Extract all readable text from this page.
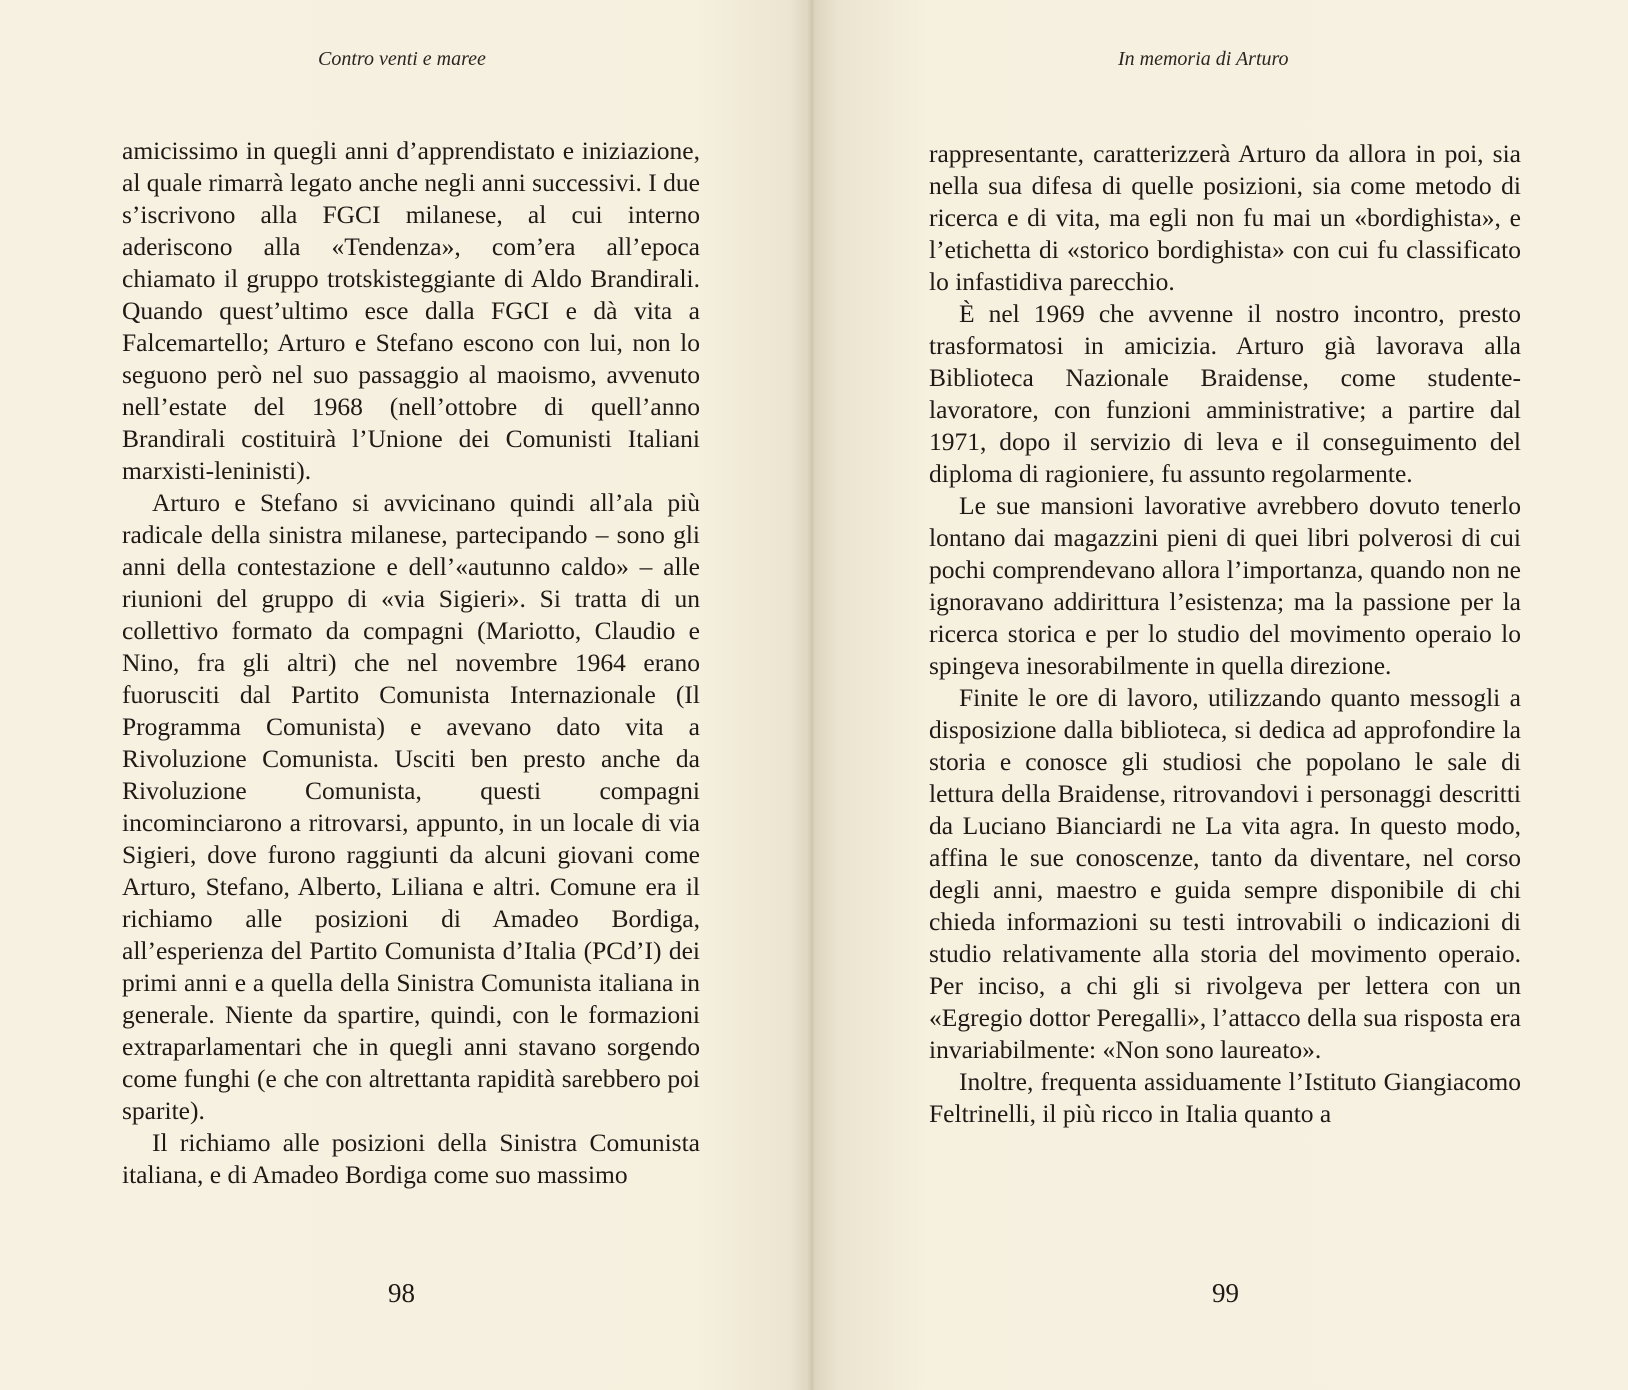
Contro venti e maree

amicissimo in quegli anni d’apprendistato e iniziazione, al quale rimarrà legato anche negli anni successivi. I due s’iscrivono alla FGCI milanese, al cui interno aderiscono alla «Tendenza», com’era all’epoca chiamato il gruppo trotskisteggiante di Aldo Brandirali. Quando quest’ultimo esce dalla FGCI e dà vita a Falcemartello; Arturo e Stefano escono con lui, non lo seguono però nel suo passaggio al maoismo, avvenuto nell’estate del 1968 (nell’ottobre di quell’anno Brandirali costituirà l’Unione dei Comunisti Italiani marxisti-leninisti).

Arturo e Stefano si avvicinano quindi all’ala più radicale della sinistra milanese, partecipando – sono gli anni della contestazione e dell’«autunno caldo» – alle riunioni del gruppo di «via Sigieri». Si tratta di un collettivo formato da compagni (Mariotto, Claudio e Nino, fra gli altri) che nel novembre 1964 erano fuorusciti dal Partito Comunista Internazionale (Il Programma Comunista) e avevano dato vita a Rivoluzione Comunista. Usciti ben presto anche da Rivoluzione Comunista, questi compagni incominciarono a ritrovarsi, appunto, in un locale di via Sigieri, dove furono raggiunti da alcuni giovani come Arturo, Stefano, Alberto, Liliana e altri. Comune era il richiamo alle posizioni di Amadeo Bordiga, all’esperienza del Partito Comunista d’Italia (PCd’I) dei primi anni e a quella della Sinistra Comunista italiana in generale. Niente da spartire, quindi, con le formazioni extraparlamentari che in quegli anni stavano sorgendo come funghi (e che con altrettanta rapidità sarebbero poi sparite).

Il richiamo alle posizioni della Sinistra Comunista italiana, e di Amadeo Bordiga come suo massimo

98
In memoria di Arturo

rappresentante, caratterizzerà Arturo da allora in poi, sia nella sua difesa di quelle posizioni, sia come metodo di ricerca e di vita, ma egli non fu mai un «bordighista», e l’etichetta di «storico bordighista» con cui fu classificato lo infastidiva parecchio.

È nel 1969 che avvenne il nostro incontro, presto trasformatosi in amicizia. Arturo già lavorava alla Biblioteca Nazionale Braidense, come studente-lavoratore, con funzioni amministrative; a partire dal 1971, dopo il servizio di leva e il conseguimento del diploma di ragioniere, fu assunto regolarmente.

Le sue mansioni lavorative avrebbero dovuto tenerlo lontano dai magazzini pieni di quei libri polverosi di cui pochi comprendevano allora l’importanza, quando non ne ignoravano addirittura l’esistenza; ma la passione per la ricerca storica e per lo studio del movimento operaio lo spingeva inesorabilmente in quella direzione.

Finite le ore di lavoro, utilizzando quanto messogli a disposizione dalla biblioteca, si dedica ad approfondire la storia e conosce gli studiosi che popolano le sale di lettura della Braidense, ritrovandovi i personaggi descritti da Luciano Bianciardi ne La vita agra. In questo modo, affina le sue conoscenze, tanto da diventare, nel corso degli anni, maestro e guida sempre disponibile di chi chieda informazioni su testi introvabili o indicazioni di studio relativamente alla storia del movimento operaio. Per inciso, a chi gli si rivolgeva per lettera con un «Egregio dottor Peregalli», l’attacco della sua risposta era invariabilmente: «Non sono laureato».

Inoltre, frequenta assiduamente l’Istituto Giangiacomo Feltrinelli, il più ricco in Italia quanto a

99
